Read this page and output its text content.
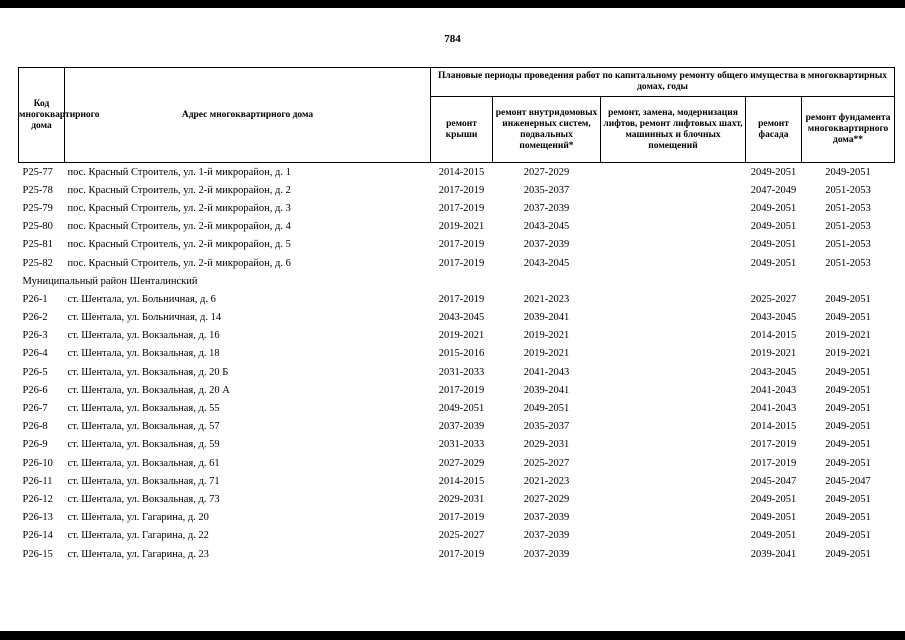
784
Код многоквартирного дома	Адрес многоквартирного дома	Плановые периоды проведения работ по капитальному ремонту общего имущества в многоквартирных домах, годы				
		ремонт крыши	ремонт внутридомовых инженерных систем, подвальных помещений*	ремонт, замена, модернизация лифтов, ремонт лифтовых шахт, машинных и блочных помещений	ремонт фасада	ремонт фундамента многоквартирного дома**
Р25-77	пос. Красный Строитель, ул. 1-й микрорайон, д. 1	2014-2015	2027-2029		2049-2051	2049-2051
Р25-78	пос. Красный Строитель, ул. 2-й микрорайон, д. 2	2017-2019	2035-2037		2047-2049	2051-2053
Р25-79	пос. Красный Строитель, ул. 2-й микрорайон, д. 3	2017-2019	2037-2039		2049-2051	2051-2053
Р25-80	пос. Красный Строитель, ул. 2-й микрорайон, д. 4	2019-2021	2043-2045		2049-2051	2051-2053
Р25-81	пос. Красный Строитель, ул. 2-й микрорайон, д. 5	2017-2019	2037-2039		2049-2051	2051-2053
Р25-82	пос. Красный Строитель, ул. 2-й микрорайон, д. 6	2017-2019	2043-2045		2049-2051	2051-2053
Муниципальный район Шенталинский						
Р26-1	ст. Шентала, ул. Больничная, д. 6	2017-2019	2021-2023		2025-2027	2049-2051
Р26-2	ст. Шентала, ул. Больничная, д. 14	2043-2045	2039-2041		2043-2045	2049-2051
Р26-3	ст. Шентала, ул. Вокзальная, д. 16	2019-2021	2019-2021		2014-2015	2019-2021
Р26-4	ст. Шентала, ул. Вокзальная, д. 18	2015-2016	2019-2021		2019-2021	2019-2021
Р26-5	ст. Шентала, ул. Вокзальная, д. 20 Б	2031-2033	2041-2043		2043-2045	2049-2051
Р26-6	ст. Шентала, ул. Вокзальная, д. 20 А	2017-2019	2039-2041		2041-2043	2049-2051
Р26-7	ст. Шентала, ул. Вокзальная, д. 55	2049-2051	2049-2051		2041-2043	2049-2051
Р26-8	ст. Шентала, ул. Вокзальная, д. 57	2037-2039	2035-2037		2014-2015	2049-2051
Р26-9	ст. Шентала, ул. Вокзальная, д. 59	2031-2033	2029-2031		2017-2019	2049-2051
Р26-10	ст. Шентала, ул. Вокзальная, д. 61	2027-2029	2025-2027		2017-2019	2049-2051
Р26-11	ст. Шентала, ул. Вокзальная, д. 71	2014-2015	2021-2023		2045-2047	2045-2047
Р26-12	ст. Шентала, ул. Вокзальная, д. 73	2029-2031	2027-2029		2049-2051	2049-2051
Р26-13	ст. Шентала, ул. Гагарина, д. 20	2017-2019	2037-2039		2049-2051	2049-2051
Р26-14	ст. Шентала, ул. Гагарина, д. 22	2025-2027	2037-2039		2049-2051	2049-2051
Р26-15	ст. Шентала, ул. Гагарина, д. 23	2017-2019	2037-2039		2039-2041	2049-2051
